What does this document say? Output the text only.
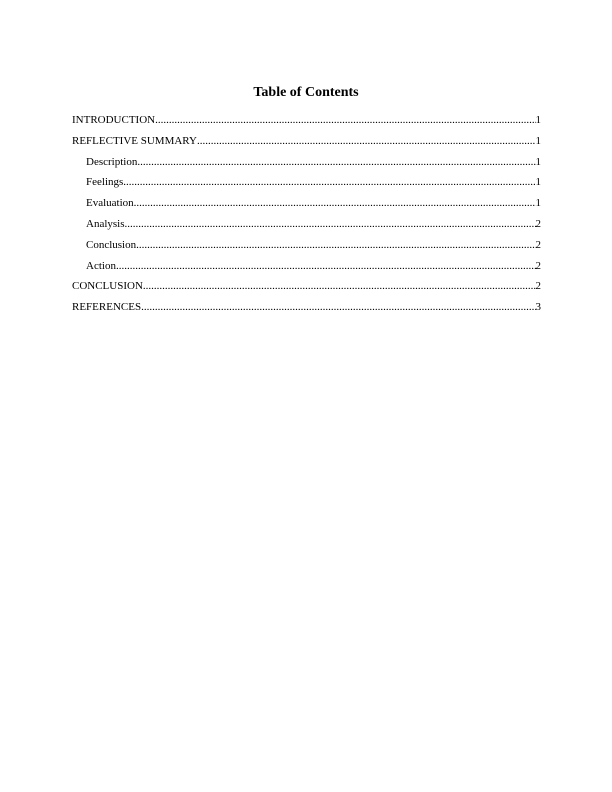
Table of Contents
INTRODUCTION .....	1
REFLECTIVE SUMMARY .....	1
Description .....	1
Feelings .....	1
Evaluation .....	1
Analysis .....	2
Conclusion .....	2
Action .....	2
CONCLUSION .....	2
REFERENCES .....	3
